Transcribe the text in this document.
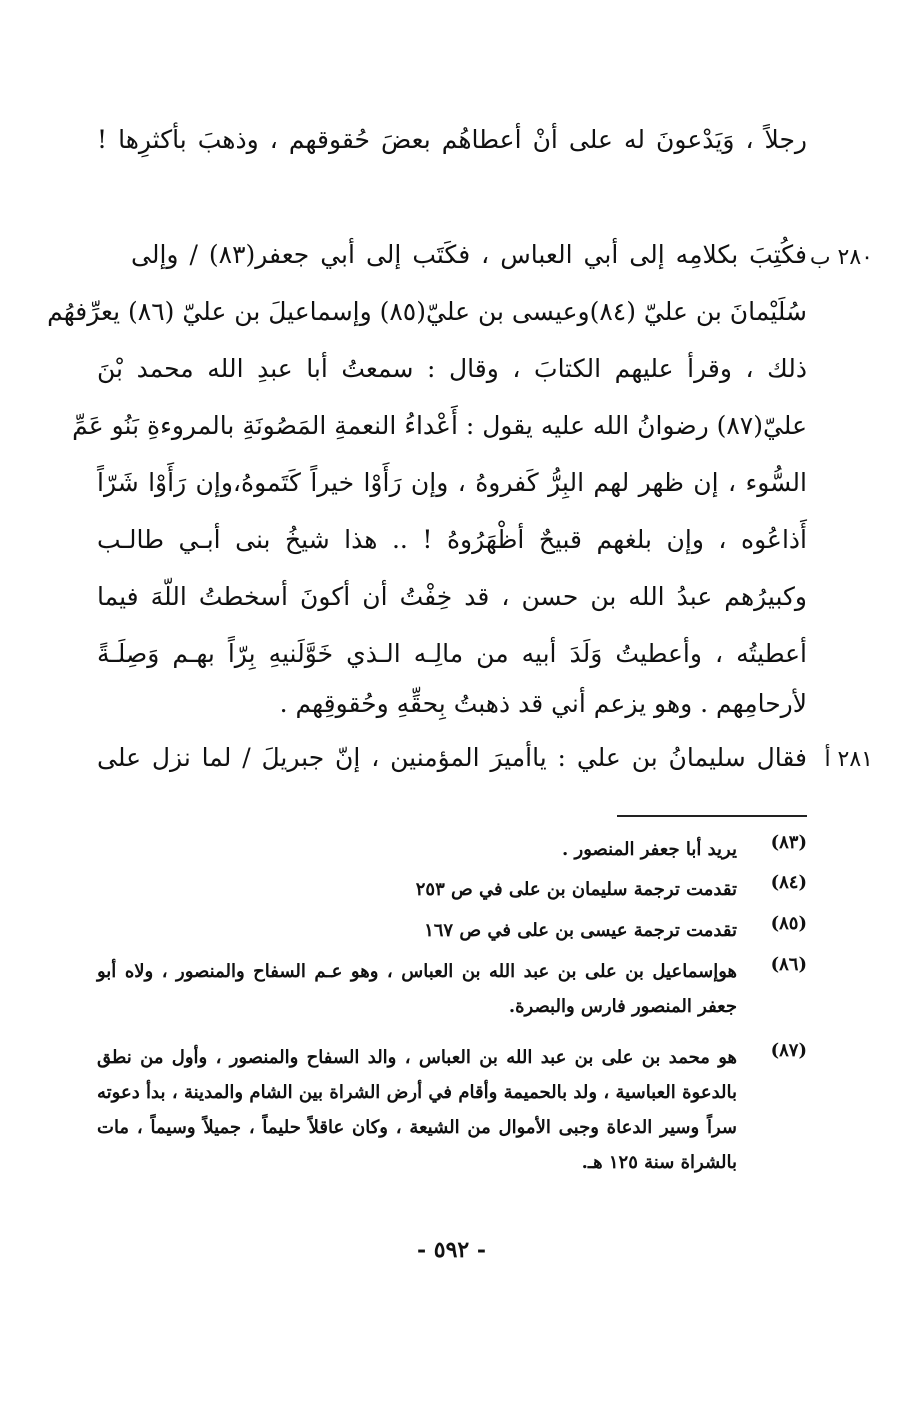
رجلاً ، وَيَدْعونَ له على أنْ أعطاهُم بعضَ حُقوقهم ، وذهبَ بأكثرِها !
فكُتِبَ بكلامِه إلى أبي العباس ، فكَتَب إلى أبي جعفر(٨٣) / وإلى
سُلَيْمانَ بن عليّ (٨٤)وعيسى بن عليّ(٨٥) وإسماعيلَ بن عليّ (٨٦) يعرِّفهُم
ذلك ، وقرأ عليهم الكتابَ ، وقال : سمعتُ أبا عبدِ الله محمد بْنَ
عليّ(٨٧) رضوانُ الله عليه يقول : أَعْداءُ النعمةِ المَصُونَةِ بالمروءةِ بَنُو عَمِّ
السُّوء ، إن ظهر لهم البِرُّ كَفروهُ ، وإن رَأَوْا خيراً كَتَموهُ،وإن رَأَوْا شَرّاً
أَذاعُوه ، وإن بلغهم قبيحٌ أظْهَرُوهُ ! .. هذا شيخُ بنى أبـي طالـب
وكبيرُهم عبدُ الله بن حسن ، قد خِفْتُ أن أكونَ أسخطتُ اللّهَ فيما
أعطيتُه ، وأعطيتُ وَلَدَ أبيه من مالِـه الـذي خَوَّلَنيهِ بِرّاً بهـم وَصِلَـةً
لأرحامِهم . وهو يزعم أني قد ذهبتُ بِحقِّهِ وحُقوقِهم .
فقال سليمانُ بن علي : ياأميرَ المؤمنين ، إنّ جبريلَ / لما نزل على
٢٨٠ ب
٢٨١ أ
(٨٣)
يريد أبا جعفر المنصور .
(٨٤)
تقدمت ترجمة سليمان بن على في ص ٢٥٣
(٨٥)
تقدمت ترجمة عيسى بن على في ص ١٦٧
(٨٦)
هوإسماعيل بن على بن عبد الله بن العباس ، وهو عـم السفاح والمنصور ، ولاه أبو جعفر المنصور فارس والبصرة.
(٨٧)
هو محمد بن على بن عبد الله بن العباس ، والد السفاح والمنصور ، وأول من نطق بالدعوة العباسية ، ولد بالحميمة وأقام في أرض الشراة بين الشام والمدينة ، بدأ دعوته سراً وسير الدعاة وجبى الأموال من الشيعة ، وكان عاقلاً حليماً ، جميلاً وسيماً ، مات بالشراة سنة ١٢٥ هـ.
- ٥٩٢ -
